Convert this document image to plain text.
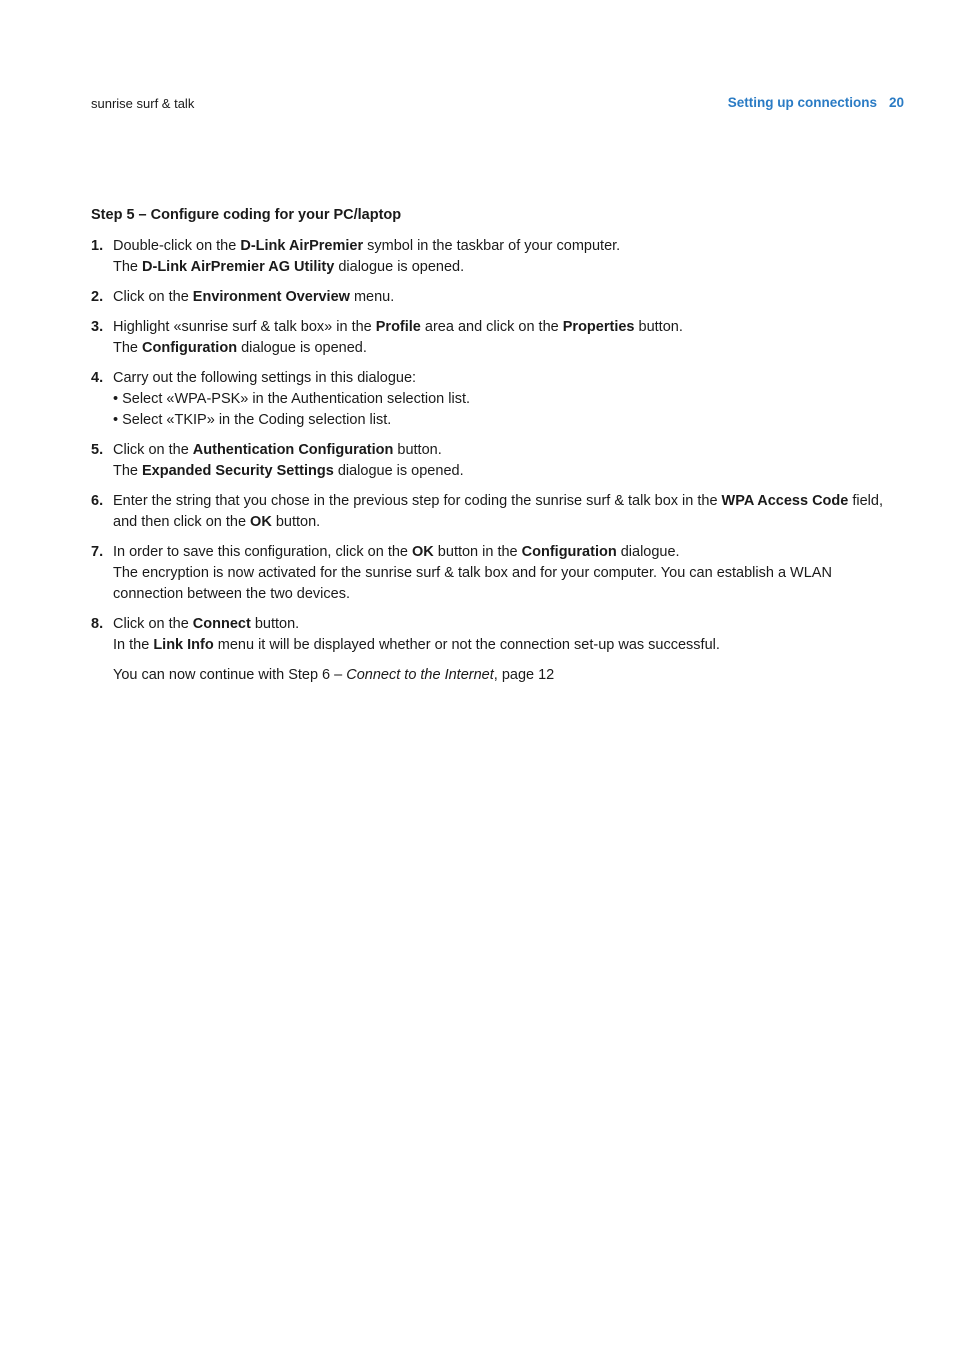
sunrise surf & talk	Setting up connections 20

Step 5 – Configure coding for your PC/laptop

1. Double-click on the D-Link AirPremier symbol in the taskbar of your computer.

The D-Link AirPremier AG Utility dialogue is opened.

2. Click on the Environment Overview menu.

3. Highlight «sunrise surf & talk box» in the Profile area and click on the Properties button.

The Configuration dialogue is opened.

4. Carry out the following settings in this dialogue:

• Select «WPA-PSK» in the Authentication selection list.

• Select «TKIP» in the Coding selection list.

5. Click on the Authentication Configuration button.

The Expanded Security Settings dialogue is opened.

6. Enter the string that you chose in the previous step for coding the sunrise surf & talk box in the WPA Access Code field, and then click on the OK button.

7. In order to save this configuration, click on the OK button in the Configuration dialogue.

The encryption is now activated for the sunrise surf & talk box and for your computer. You can establish a WLAN connection between the two devices.

8. Click on the Connect button.

In the Link Info menu it will be displayed whether or not the connection set-up was successful.

You can now continue with Step 6 – Connect to the Internet, page 12
